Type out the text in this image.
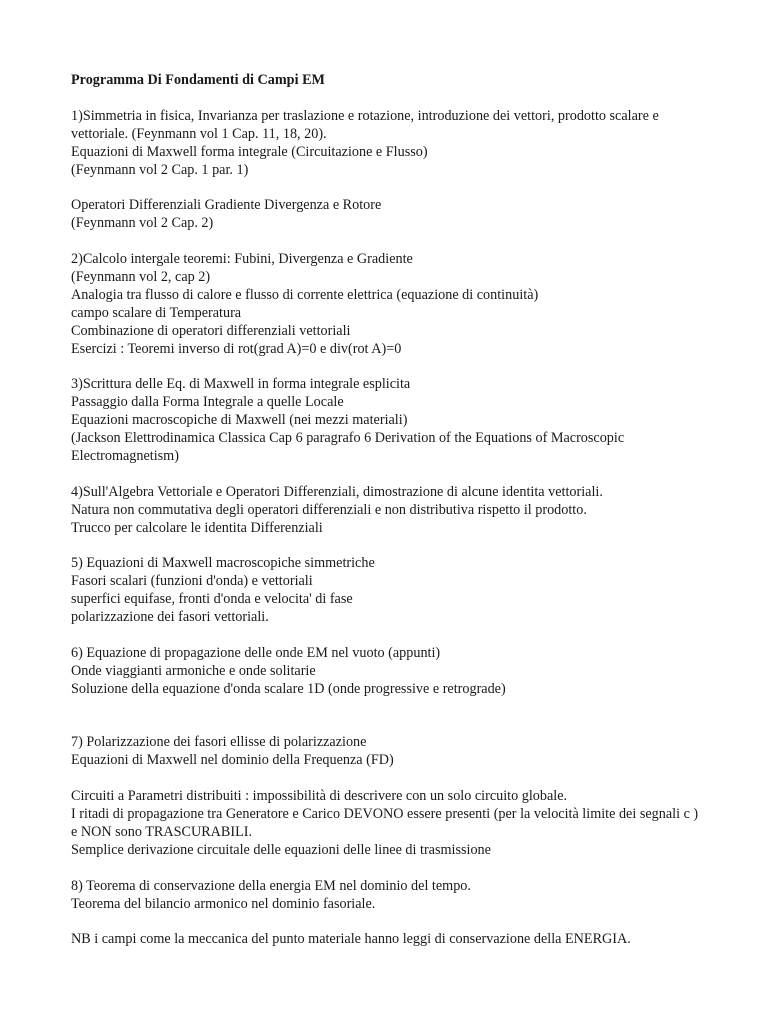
Programma Di Fondamenti di Campi EM
1)Simmetria in fisica, Invarianza per traslazione e rotazione, introduzione dei vettori, prodotto scalare e vettoriale. (Feynmann vol 1 Cap. 11, 18, 20).
Equazioni di Maxwell forma integrale (Circuitazione e Flusso)
(Feynmann vol 2 Cap. 1 par. 1)
Operatori Differenziali Gradiente Divergenza e Rotore
(Feynmann vol 2 Cap. 2)
2)Calcolo intergale teoremi: Fubini, Divergenza e Gradiente
(Feynmann vol 2, cap 2)
Analogia tra flusso di calore e flusso di corrente elettrica (equazione di continuità)
campo scalare di Temperatura
Combinazione di operatori differenziali vettoriali
Esercizi : Teoremi inverso di rot(grad A)=0 e div(rot A)=0
3)Scrittura delle Eq. di Maxwell in forma integrale esplicita
Passaggio dalla Forma Integrale a quelle Locale
Equazioni macroscopiche di Maxwell (nei mezzi materiali)
(Jackson Elettrodinamica Classica Cap 6 paragrafo 6 Derivation of the Equations of Macroscopic Electromagnetism)
4)Sull'Algebra Vettoriale e Operatori Differenziali, dimostrazione di alcune identita vettoriali.
Natura non commutativa degli operatori differenziali e non distributiva rispetto il prodotto.
Trucco per calcolare le identita Differenziali
5) Equazioni di Maxwell macroscopiche simmetriche
Fasori scalari (funzioni d'onda) e vettoriali
superfici equifase, fronti d'onda e velocita' di fase
polarizzazione dei fasori vettoriali.
6) Equazione di propagazione delle onde EM nel vuoto (appunti)
Onde viaggianti armoniche e onde solitarie
Soluzione della equazione d'onda scalare 1D (onde progressive e retrograde)
7) Polarizzazione dei fasori ellisse di polarizzazione
Equazioni di Maxwell nel dominio della Frequenza (FD)
Circuiti a Parametri distribuiti : impossibilità di descrivere con un solo circuito globale.
I ritadi di propagazione tra Generatore e Carico DEVONO essere presenti (per la velocità limite dei segnali c ) e NON sono TRASCURABILI.
Semplice derivazione circuitale delle equazioni delle linee di trasmissione
8) Teorema di conservazione della energia EM nel dominio del tempo.
Teorema del bilancio armonico nel dominio fasoriale.
NB i campi come la meccanica del punto materiale hanno leggi di conservazione della ENERGIA.
